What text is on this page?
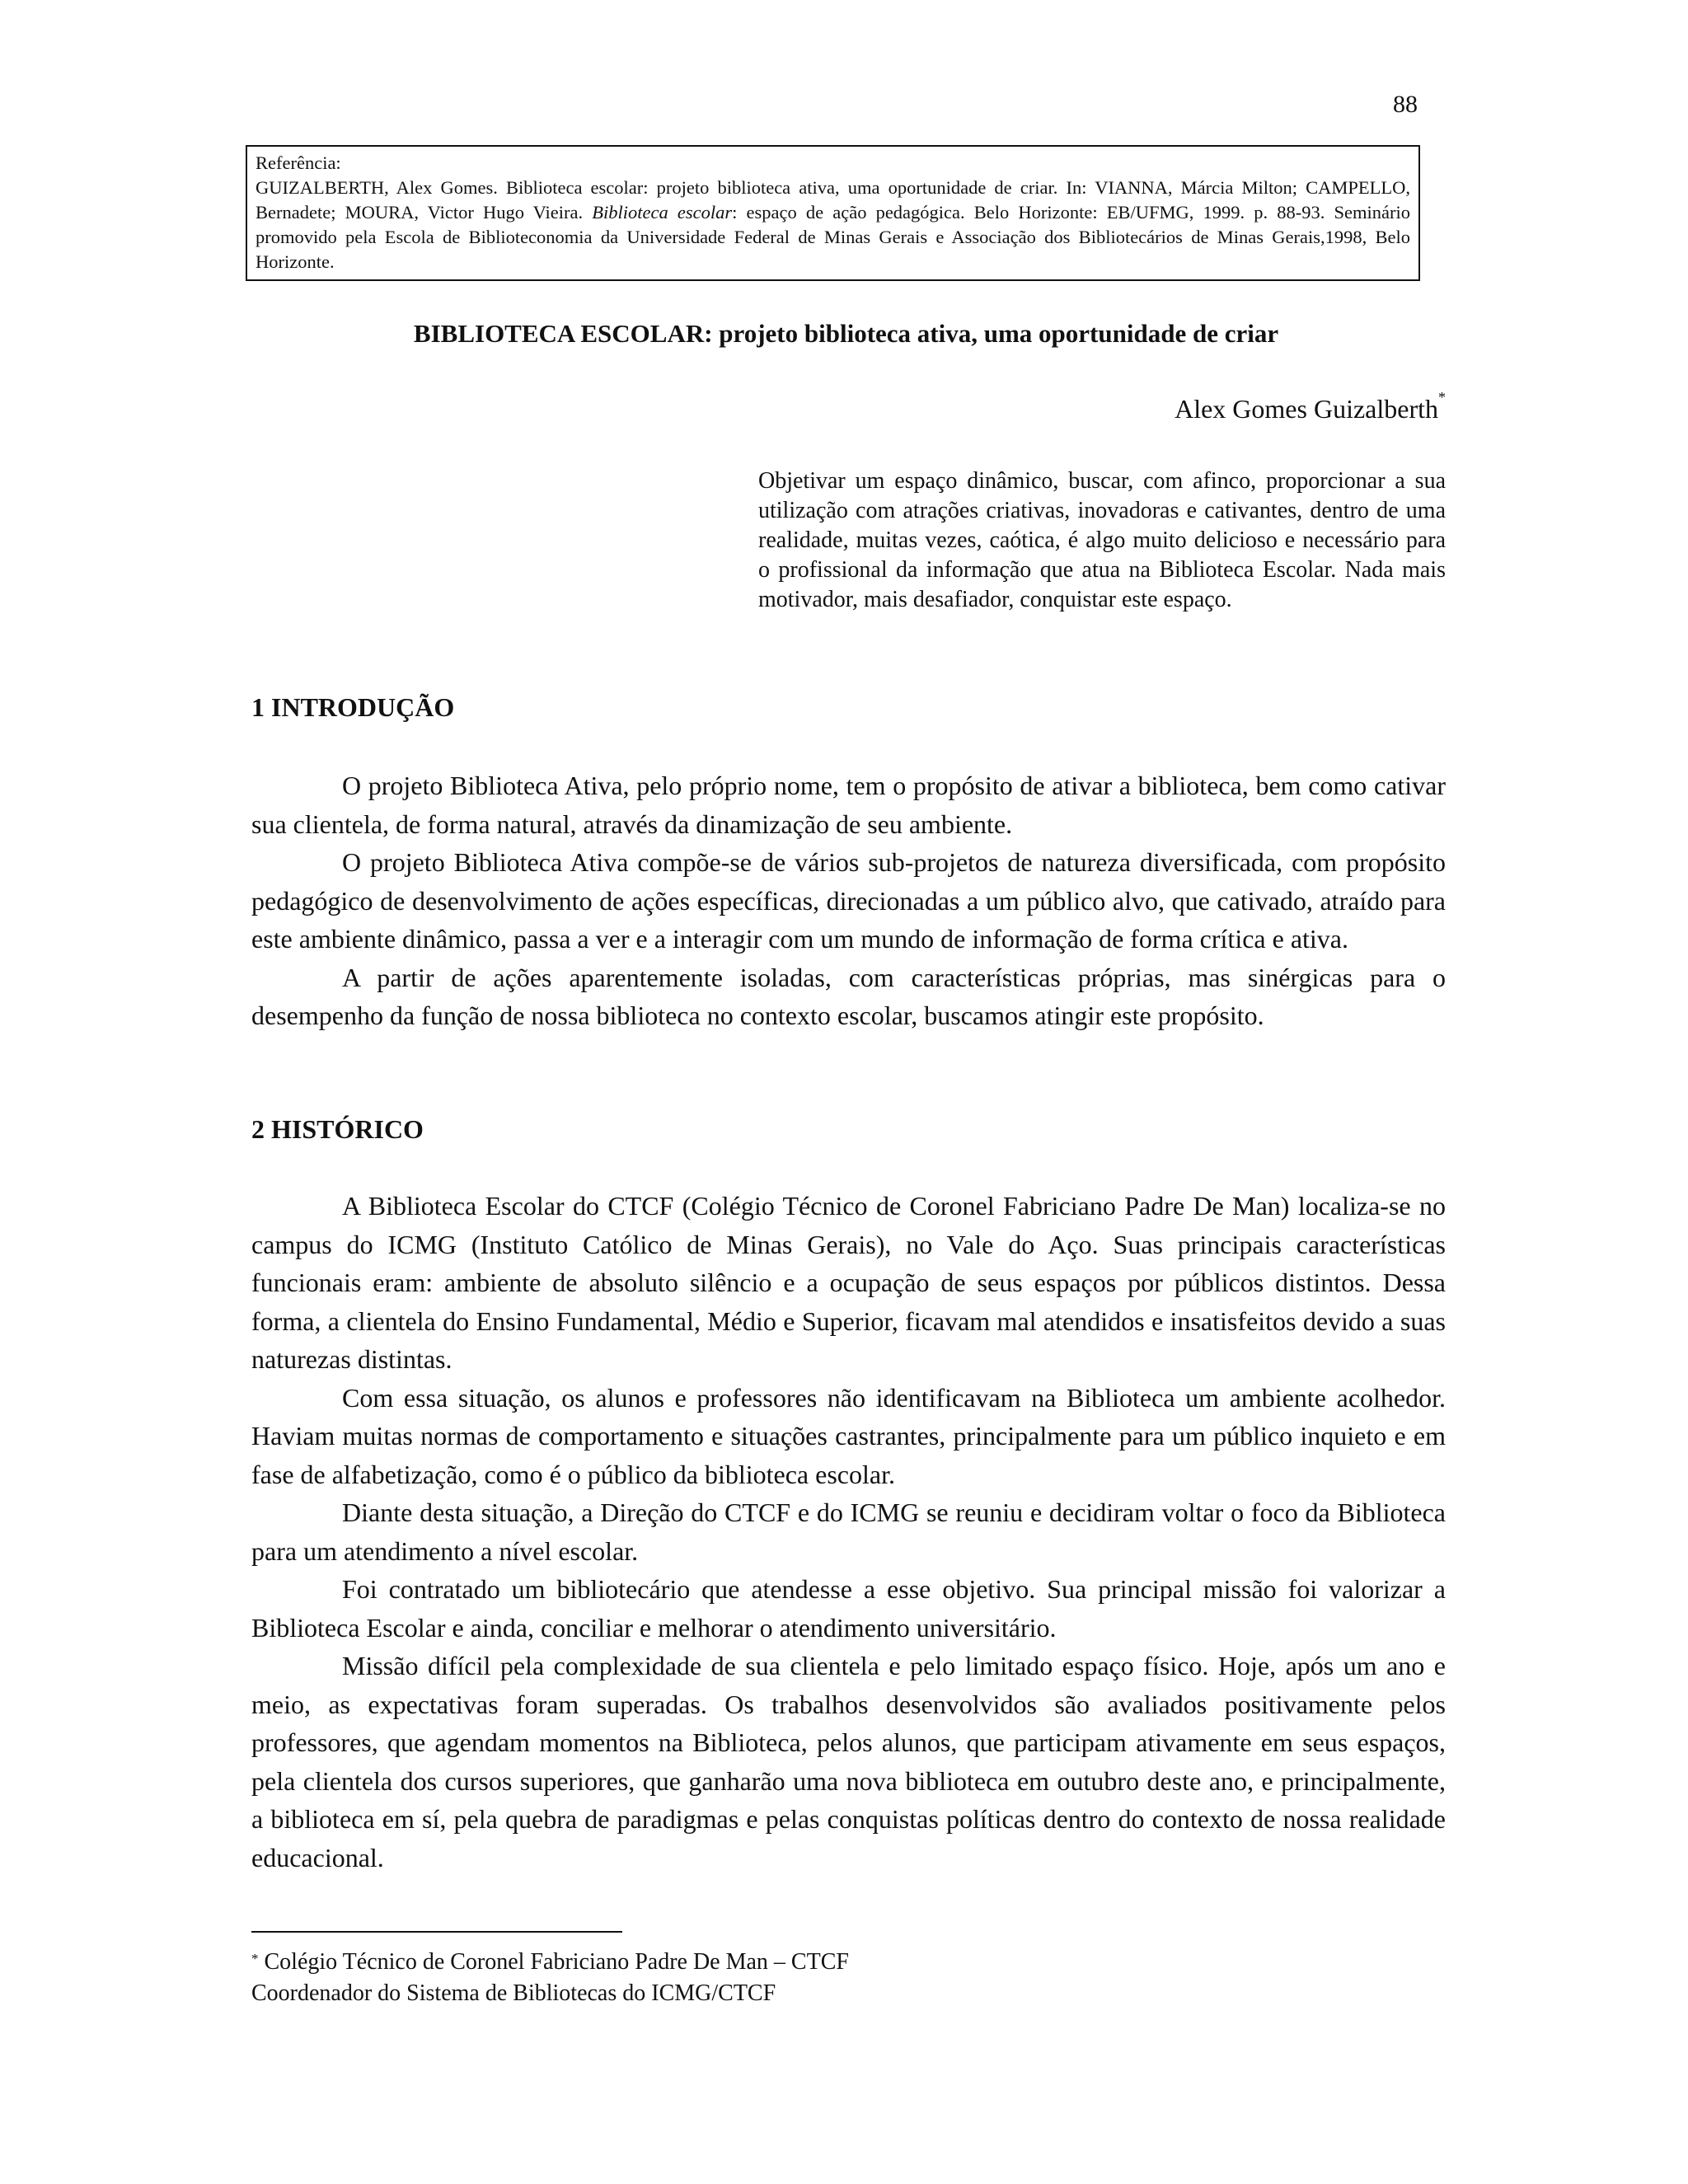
88

Referência:

GUIZALBERTH, Alex Gomes. Biblioteca escolar: projeto biblioteca ativa, uma oportunidade de criar. In: VIANNA, Márcia Milton; CAMPELLO, Bernadete; MOURA, Victor Hugo Vieira. Biblioteca escolar: espaço de ação pedagógica. Belo Horizonte: EB/UFMG, 1999. p. 88-93. Seminário promovido pela Escola de Biblioteconomia da Universidade Federal de Minas Gerais e Associação dos Bibliotecários de Minas Gerais,1998, Belo Horizonte.

BIBLIOTECA ESCOLAR: projeto biblioteca ativa, uma oportunidade de criar
Alex Gomes Guizalberth*

Objetivar um espaço dinâmico, buscar, com afinco, proporcionar a sua utilização com atrações criativas, inovadoras e cativantes, dentro de uma realidade, muitas vezes, caótica, é algo muito delicioso e necessário para o profissional da informação que atua na Biblioteca Escolar. Nada mais motivador, mais desafiador, conquistar este espaço.

1 INTRODUÇÃO

O projeto Biblioteca Ativa, pelo próprio nome, tem o propósito de ativar a biblioteca, bem como cativar sua clientela, de forma natural, através da dinamização de seu ambiente.

O projeto Biblioteca Ativa compõe-se de vários sub-projetos de natureza diversificada, com propósito pedagógico de desenvolvimento de ações específicas, direcionadas a um público alvo, que cativado, atraído para este ambiente dinâmico, passa a ver e a interagir com um mundo de informação de forma crítica e ativa.

A partir de ações aparentemente isoladas, com características próprias, mas sinérgicas para o desempenho da função de nossa biblioteca no contexto escolar, buscamos atingir este propósito.

2 HISTÓRICO

A Biblioteca Escolar do CTCF (Colégio Técnico de Coronel Fabriciano Padre De Man) localiza-se no campus do ICMG (Instituto Católico de Minas Gerais), no Vale do Aço. Suas principais características funcionais eram: ambiente de absoluto silêncio e a ocupação de seus espaços por públicos distintos. Dessa forma, a clientela do Ensino Fundamental, Médio e Superior, ficavam mal atendidos e insatisfeitos devido a suas naturezas distintas.

Com essa situação, os alunos e professores não identificavam na Biblioteca um ambiente acolhedor. Haviam muitas normas de comportamento e situações castrantes, principalmente para um público inquieto e em fase de alfabetização, como é o público da biblioteca escolar.

Diante desta situação, a Direção do CTCF e do ICMG se reuniu e decidiram voltar o foco da Biblioteca para um atendimento a nível escolar.

Foi contratado um bibliotecário que atendesse a esse objetivo. Sua principal missão foi valorizar a Biblioteca Escolar e ainda, conciliar e melhorar o atendimento universitário.

Missão difícil pela complexidade de sua clientela e pelo limitado espaço físico. Hoje, após um ano e meio, as expectativas foram superadas. Os trabalhos desenvolvidos são avaliados positivamente pelos professores, que agendam momentos na Biblioteca, pelos alunos, que participam ativamente em seus espaços, pela clientela dos cursos superiores, que ganharão uma nova biblioteca em outubro deste ano, e principalmente, a biblioteca em sí, pela quebra de paradigmas e pelas conquistas políticas dentro do contexto de nossa realidade educacional.

* Colégio Técnico de Coronel Fabriciano Padre De Man – CTCF

Coordenador do Sistema de Bibliotecas do ICMG/CTCF
